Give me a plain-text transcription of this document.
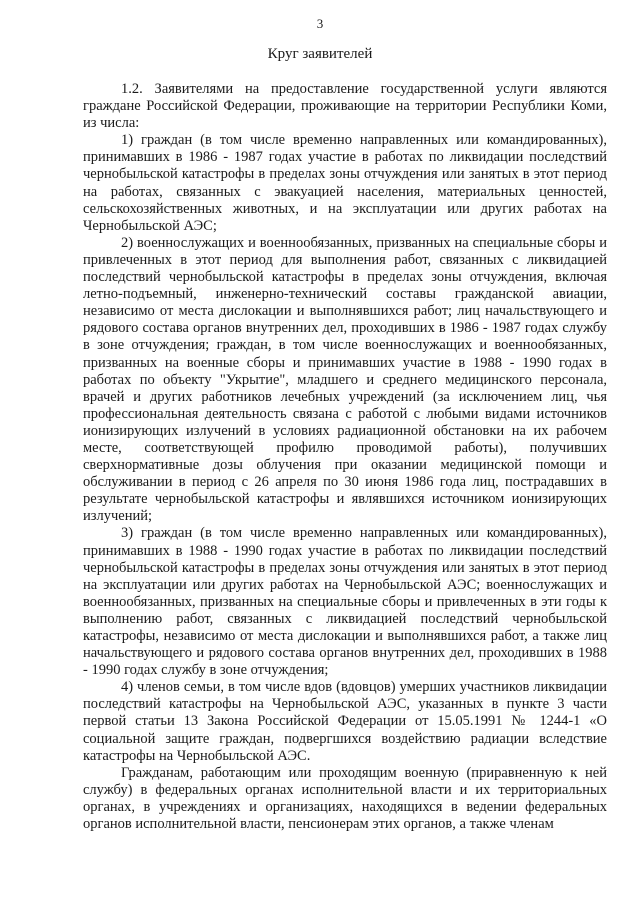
3
Круг заявителей

1.2. Заявителями на предоставление государственной услуги являются граждане Российской Федерации, проживающие на территории Республики Коми, из числа:

1) граждан (в том числе временно направленных или командированных), принимавших в 1986 - 1987 годах участие в работах по ликвидации последствий чернобыльской катастрофы в пределах зоны отчуждения или занятых в этот период на работах, связанных с эвакуацией населения, материальных ценностей, сельскохозяйственных животных, и на эксплуатации или других работах на Чернобыльской АЭС;

2) военнослужащих и военнообязанных, призванных на специальные сборы и привлеченных в этот период для выполнения работ, связанных с ликвидацией последствий чернобыльской катастрофы в пределах зоны отчуждения, включая летно-подъемный, инженерно-технический составы гражданской авиации, независимо от места дислокации и выполнявшихся работ; лиц начальствующего и рядового состава органов внутренних дел, проходивших в 1986 - 1987 годах службу в зоне отчуждения; граждан, в том числе военнослужащих и военнообязанных, призванных на военные сборы и принимавших участие в 1988 - 1990 годах в работах по объекту "Укрытие", младшего и среднего медицинского персонала, врачей и других работников лечебных учреждений (за исключением лиц, чья профессиональная деятельность связана с работой с любыми видами источников ионизирующих излучений в условиях радиационной обстановки на их рабочем месте, соответствующей профилю проводимой работы), получивших сверхнормативные дозы облучения при оказании медицинской помощи и обслуживании в период с 26 апреля по 30 июня 1986 года лиц, пострадавших в результате чернобыльской катастрофы и являвшихся источником ионизирующих излучений;

3) граждан (в том числе временно направленных или командированных), принимавших в 1988 - 1990 годах участие в работах по ликвидации последствий чернобыльской катастрофы в пределах зоны отчуждения или занятых в этот период на эксплуатации или других работах на Чернобыльской АЭС; военнослужащих и военнообязанных, призванных на специальные сборы и привлеченных в эти годы к выполнению работ, связанных с ликвидацией последствий чернобыльской катастрофы, независимо от места дислокации и выполнявшихся работ, а также лиц начальствующего и рядового состава органов внутренних дел, проходивших в 1988 - 1990 годах службу в зоне отчуждения;

4) членов семьи, в том числе вдов (вдовцов) умерших участников ликвидации последствий катастрофы на Чернобыльской АЭС, указанных в пункте 3 части первой статьи 13 Закона Российской Федерации от 15.05.1991 № 1244-1 «О социальной защите граждан, подвергшихся воздействию радиации вследствие катастрофы на Чернобыльской АЭС.

Гражданам, работающим или проходящим военную (приравненную к ней службу) в федеральных органах исполнительной власти и их территориальных органах, в учреждениях и организациях, находящихся в ведении федеральных органов исполнительной власти, пенсионерам этих органов, а также членам
